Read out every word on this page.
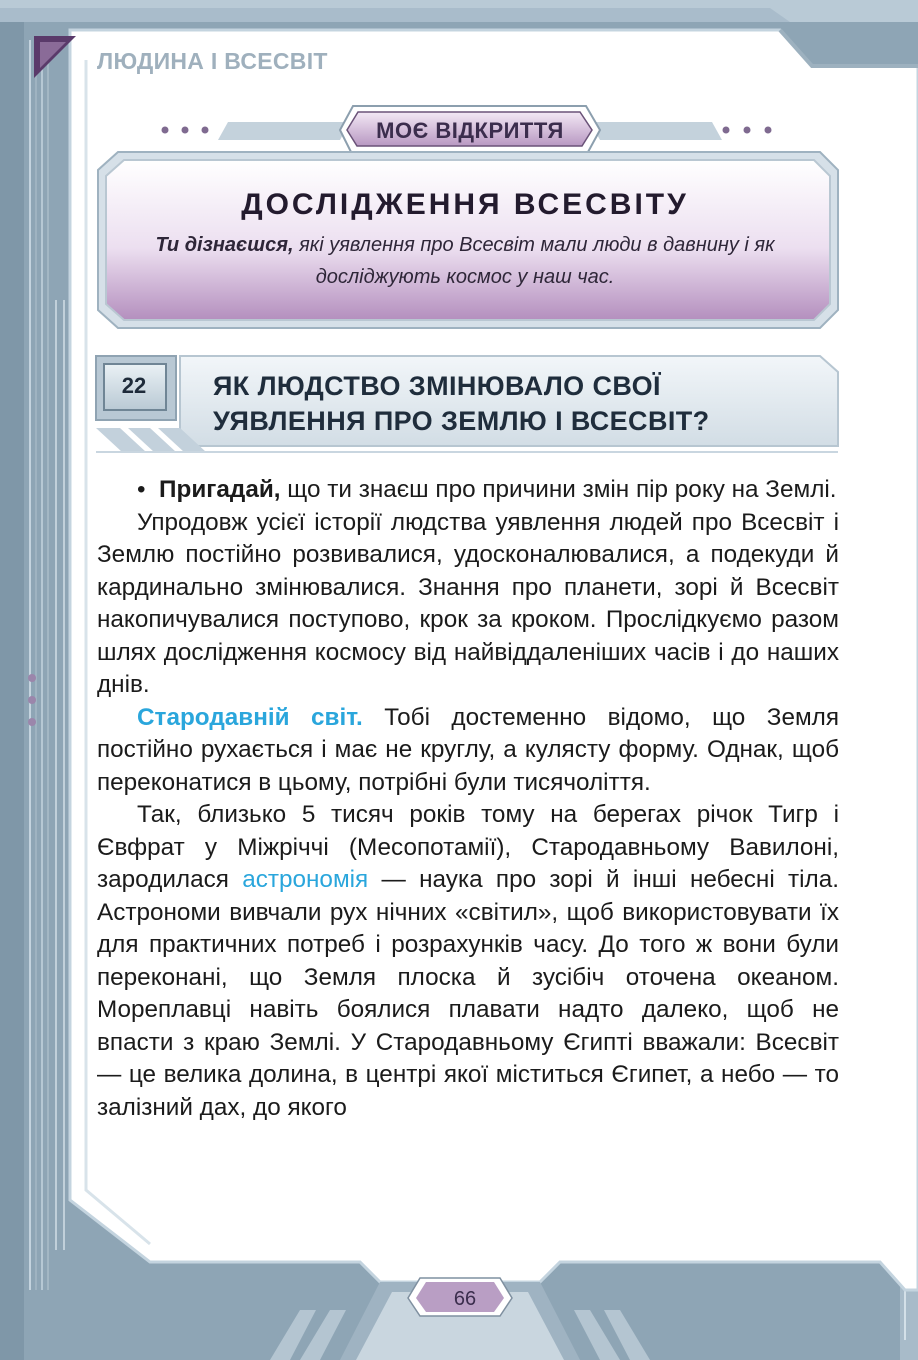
ЛЮДИНА І ВСЕСВІТ

МОЄ ВІДКРИТТЯ
ДОСЛІДЖЕННЯ ВСЕСВІТУ

Ти дізнаєшся, які уявлення про Всесвіт мали люди в давнину і як досліджують космос у наш час.

22	ЯК ЛЮДСТВО ЗМІНЮВАЛО СВОЇ
УЯВЛЕННЯ ПРО ЗЕМЛЮ І ВСЕСВІТ?

• Пригадай, що ти знаєш про причини змін пір року на Землі.

Упродовж усієї історії людства уявлення людей про Всесвіт і Землю постійно розвивалися, удосконалювалися, а подекуди й кардинально змінювалися. Знання про планети, зорі й Всесвіт накопичувалися поступово, крок за кроком. Прослідкуємо разом шлях дослідження космосу від найвіддаленіших часів і до наших днів.

Стародавній світ. Тобі достеменно відомо, що Земля постійно рухається і має не круглу, а кулясту форму. Однак, щоб переконатися в цьому, потрібні були тисячоліття.

Так, близько 5 тисяч років тому на берегах річок Тигр і Євфрат у Міжріччі (Месопотамії), Стародавньому Вавилоні, зародилася астрономія — наука про зорі й інші небесні тіла. Астрономи вивчали рух нічних «світил», щоб використовувати їх для практичних потреб і розрахунків часу. До того ж вони були переконані, що Земля плоска й зусібіч оточена океаном. Мореплавці навіть боялися плавати надто далеко, щоб не впасти з краю Землі. У Стародавньому Єгипті вважали: Всесвіт — це велика долина, в центрі якої міститься Єгипет, а небо — то залізний дах, до якого

66
